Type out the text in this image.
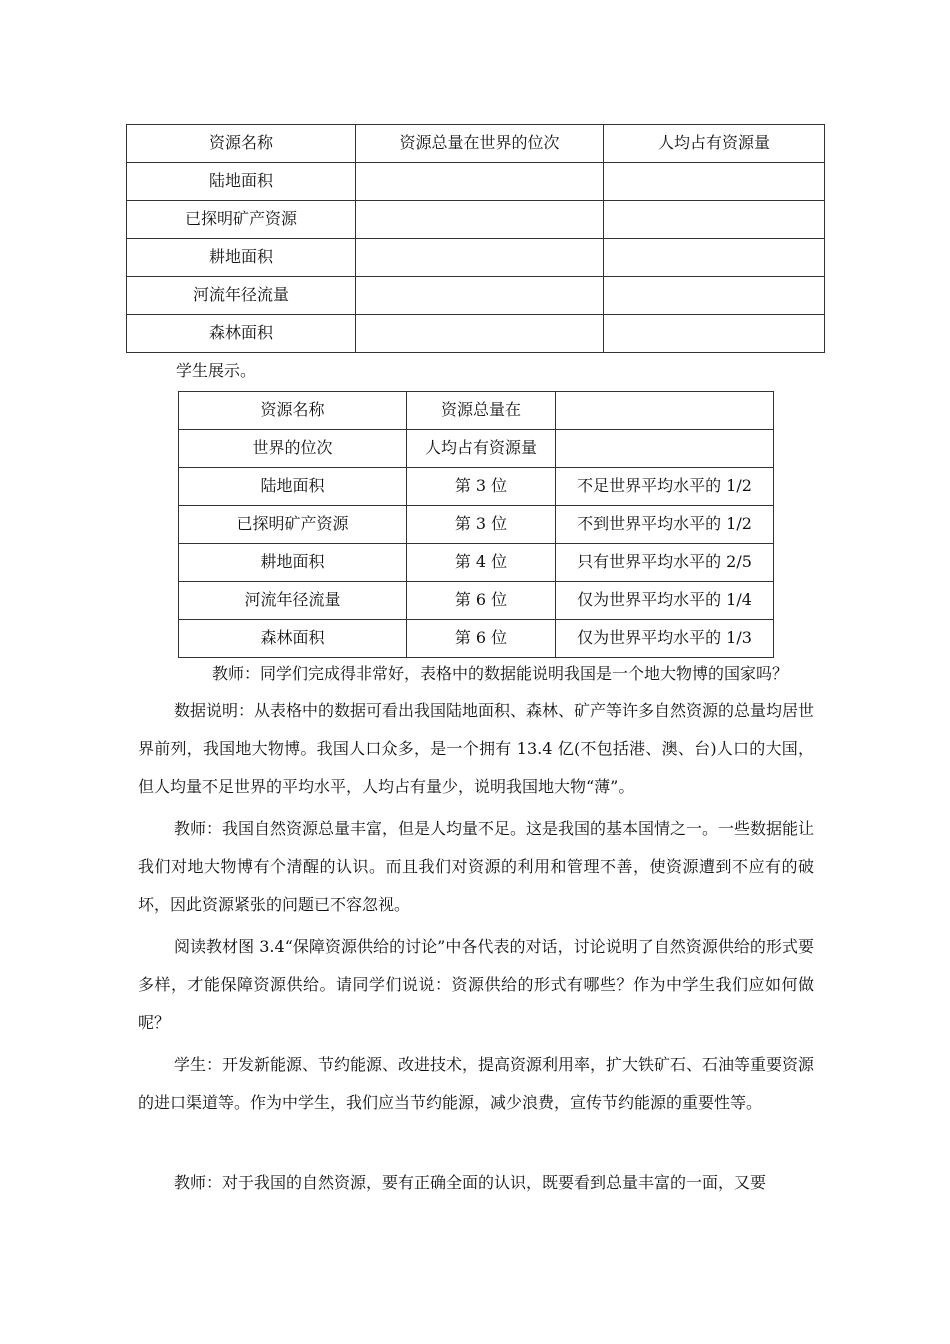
资源名称	资源总量在世界的位次	人均占有资源量
陆地面积		
已探明矿产资源		
耕地面积		
河流年径流量		
森林面积		

学生展示。

资源名称	资源总量在	
世界的位次	人均占有资源量	
陆地面积	第 3 位	不足世界平均水平的 1/2
已探明矿产资源	第 3 位	不到世界平均水平的 1/2
耕地面积	第 4 位	只有世界平均水平的 2/5
河流年径流量	第 6 位	仅为世界平均水平的 1/4
森林面积	第 6 位	仅为世界平均水平的 1/3

教师：同学们完成得非常好，表格中的数据能说明我国是一个地大物博的国家吗？

数据说明：从表格中的数据可看出我国陆地面积、森林、矿产等许多自然资源的总量均居世界前列，我国地大物博。我国人口众多，是一个拥有 13.4 亿(不包括港、澳、台)人口的大国，但人均量不足世界的平均水平，人均占有量少，说明我国地大物“薄”。

教师：我国自然资源总量丰富，但是人均量不足。这是我国的基本国情之一。一些数据能让我们对地大物博有个清醒的认识。而且我们对资源的利用和管理不善，使资源遭到不应有的破坏，因此资源紧张的问题已不容忽视。

阅读教材图 3.4“保障资源供给的讨论”中各代表的对话，讨论说明了自然资源供给的形式要多样，才能保障资源供给。请同学们说说：资源供给的形式有哪些？作为中学生我们应如何做呢？

学生：开发新能源、节约能源、改进技术，提高资源利用率，扩大铁矿石、石油等重要资源的进口渠道等。作为中学生，我们应当节约能源，减少浪费，宣传节约能源的重要性等。

教师：对于我国的自然资源，要有正确全面的认识，既要看到总量丰富的一面，又要
